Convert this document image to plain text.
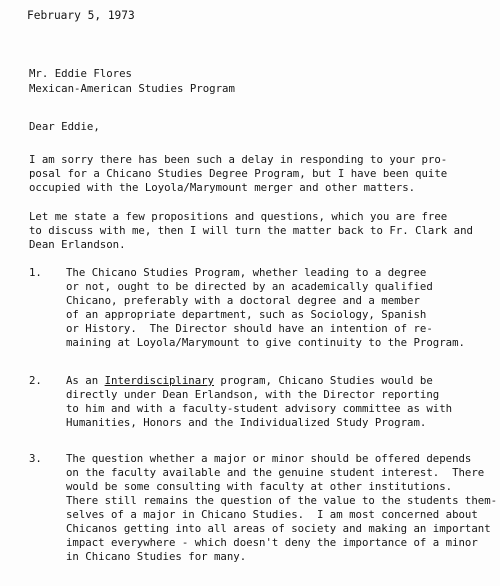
February 5, 1973
Mr. Eddie Flores
Mexican-American Studies Program
Dear Eddie,
I am sorry there has been such a delay in responding to your pro-
posal for a Chicano Studies Degree Program, but I have been quite
occupied with the Loyola/Marymount merger and other matters.
Let me state a few propositions and questions, which you are free
to discuss with me, then I will turn the matter back to Fr. Clark and
Dean Erlandson.
1. The Chicano Studies Program, whether leading to a degree
or not, ought to be directed by an academically qualified
Chicano, preferably with a doctoral degree and a member
of an appropriate department, such as Sociology, Spanish
or History.  The Director should have an intention of re-
maining at Loyola/Marymount to give continuity to the Program.
2. As an Interdisciplinary program, Chicano Studies would be
directly under Dean Erlandson, with the Director reporting
to him and with a faculty-student advisory committee as with
Humanities, Honors and the Individualized Study Program.
3. The question whether a major or minor should be offered depends
on the faculty available and the genuine student interest.  There
would be some consulting with faculty at other institutions.
There still remains the question of the value to the students them-
selves of a major in Chicano Studies.  I am most concerned about
Chicanos getting into all areas of society and making an important
impact everywhere - which doesn't deny the importance of a minor
in Chicano Studies for many.
